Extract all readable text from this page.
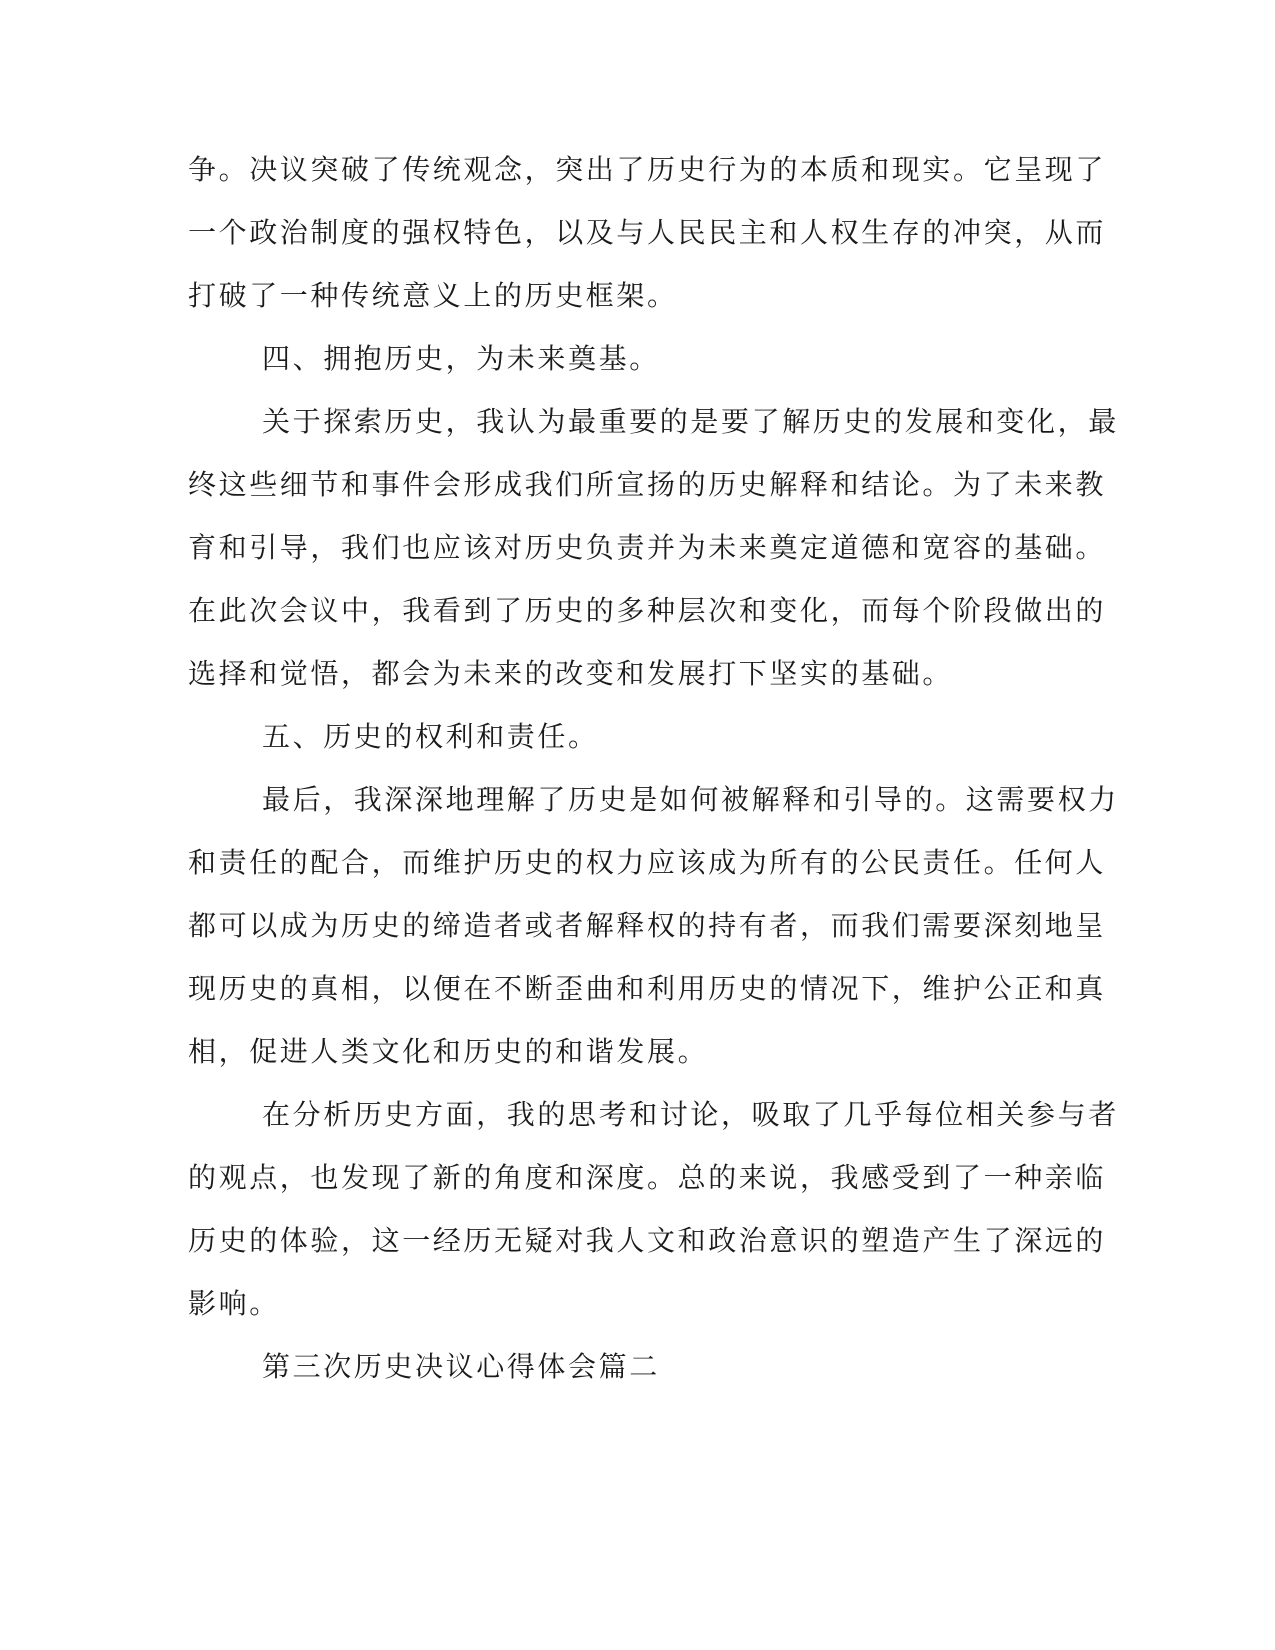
争。决议突破了传统观念，突出了历史行为的本质和现实。它呈现了
一个政治制度的强权特色，以及与人民民主和人权生存的冲突，从而
打破了一种传统意义上的历史框架。
四、拥抱历史，为未来奠基。
关于探索历史，我认为最重要的是要了解历史的发展和变化，最
终这些细节和事件会形成我们所宣扬的历史解释和结论。为了未来教
育和引导，我们也应该对历史负责并为未来奠定道德和宽容的基础。
在此次会议中，我看到了历史的多种层次和变化，而每个阶段做出的
选择和觉悟，都会为未来的改变和发展打下坚实的基础。
五、历史的权利和责任。
最后，我深深地理解了历史是如何被解释和引导的。这需要权力
和责任的配合，而维护历史的权力应该成为所有的公民责任。任何人
都可以成为历史的缔造者或者解释权的持有者，而我们需要深刻地呈
现历史的真相，以便在不断歪曲和利用历史的情况下，维护公正和真
相，促进人类文化和历史的和谐发展。
在分析历史方面，我的思考和讨论，吸取了几乎每位相关参与者
的观点，也发现了新的角度和深度。总的来说，我感受到了一种亲临
历史的体验，这一经历无疑对我人文和政治意识的塑造产生了深远的
影响。
第三次历史决议心得体会篇二
